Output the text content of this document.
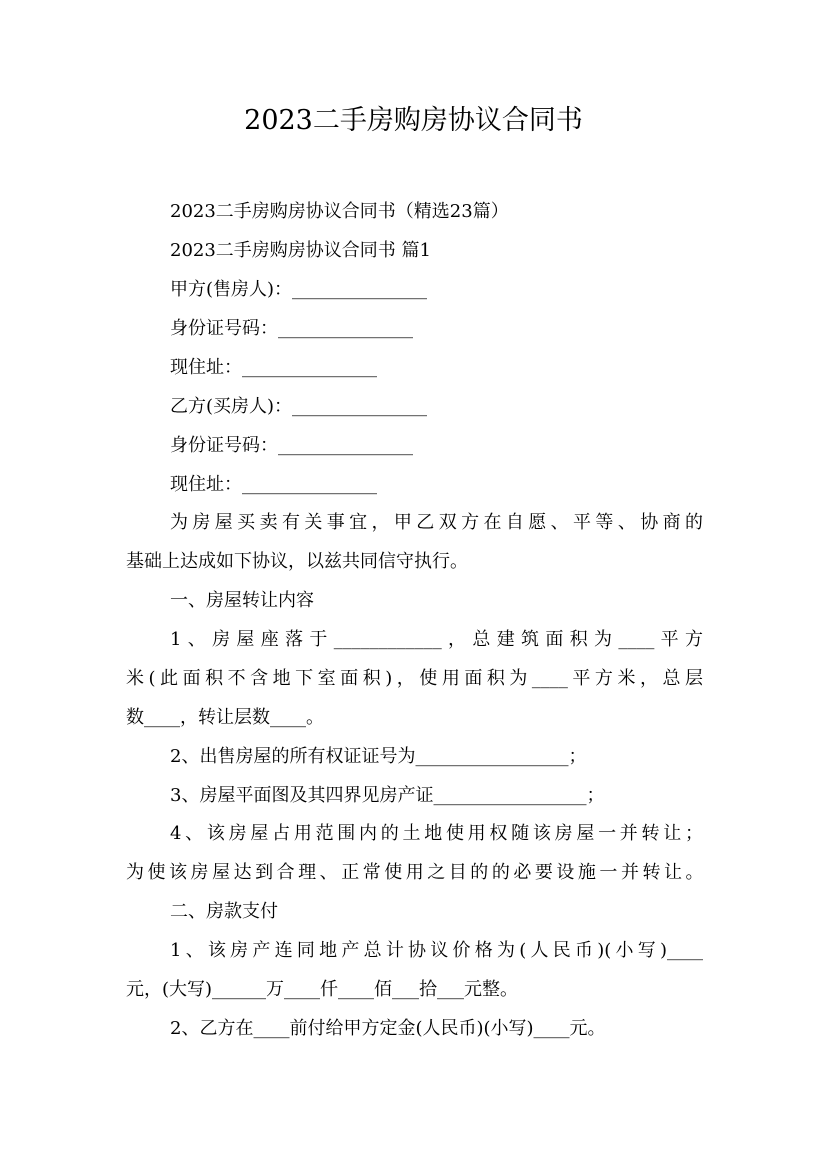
2023二手房购房协议合同书
2023二手房购房协议合同书（精选23篇）
2023二手房购房协议合同书 篇1
甲方(售房人)：_______________
身份证号码：_______________
现住址：_______________
乙方(买房人)：_______________
身份证号码：_______________
现住址：_______________
为房屋买卖有关事宜，甲乙双方在自愿、平等、协商的
基础上达成如下协议，以兹共同信守执行。
一、房屋转让内容
1、房屋座落于____________，总建筑面积为____平方
米(此面积不含地下室面积)，使用面积为____平方米，总层
数____，转让层数____。
2、出售房屋的所有权证证号为_________________；
3、房屋平面图及其四界见房产证_________________；
4、该房屋占用范围内的土地使用权随该房屋一并转让；
为使该房屋达到合理、正常使用之目的的必要设施一并转让。
二、房款支付
1、该房产连同地产总计协议价格为(人民币)(小写)____
元，(大写)______万____仟____佰___拾___元整。
2、乙方在____前付给甲方定金(人民币)(小写)____元。
